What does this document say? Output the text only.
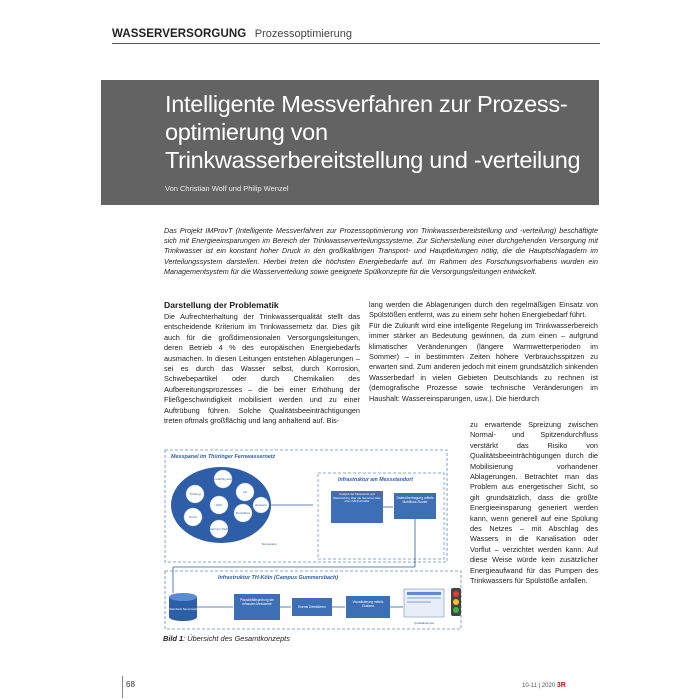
WASSERVERSORGUNG Prozessoptimierung
Intelligente Messverfahren zur Prozess-optimierung von Trinkwasserbereitstellung und -verteilung
Von Christian Wolf und Philip Wenzel
Das Projekt IMProvT (Intelligente Messverfahren zur Prozessoptimierung von Trinkwasserbereitstellung und -verteilung) beschäftigte sich mit Energieeinsparungen im Bereich der Trinkwasserverteilungssysteme. Zur Sicherstellung einer durchgehenden Versorgung mit Trinkwasser ist ein konstant hoher Druck in den großkalibrigen Transport- und Hauptleitungen nötig, die die Hauptschlagadern im Verteilungssystem darstellen. Hierbei treten die höchsten Energiebedarfe auf. Im Rahmen des Forschungsvorhabens wurden ein Managementsystem für die Wasserverteilung sowie geeignete Spülkonzepte für die Versorgungsleitungen entwickelt.
Darstellung der Problematik
Die Aufrechterhaltung der Trinkwasserqualität stellt das entscheidende Kriterium im Trinkwassernetz dar. Dies gilt auch für die großdimensionalen Versorgungsleitungen, deren Betrieb 4 % des europäischen Energiebedarfs ausmachen. In diesen Leitungen entstehen Ablagerungen – sei es durch das Wasser selbst, durch Korrosion, Schwebepartikel oder durch Chemikalien des Aufbereitungsprozesses – die bei einer Erhöhung der Fließgeschwindigkeit mobilisiert werden und zu einer Auftrübung führen. Solche Qualitätsbeeinträchtigungen treten oftmals großflächig und lang anhaltend auf. Bis-
lang werden die Ablagerungen durch den regelmäßigen Einsatz von Spülstößen entfernt, was zu einem sehr hohen Energiebedarf führt.
Für die Zukunft wird eine intelligente Regelung im Trinkwasserbereich immer stärker an Bedeutung gewinnen, da zum einen – aufgrund klimatischer Veränderungen (längere Warmwetterperioden im Sommer) – in bestimmten Zeiten höhere Verbrauchsspitzen zu erwarten sind. Zum anderen jedoch mit einem grundsätzlich sinkenden Wasserbedarf in vielen Gebieten Deutschlands zu rechnen ist (demografische Prozesse sowie technische Veränderungen im Haushalt: Wassereinsparungen, usw.). Die hierdurch
zu erwartende Spreizung zwischen Normal- und Spitzendurchfluss verstärkt das Risiko von Qualitätsbeeinträchtigungen durch die Mobilisierung vorhandener Ablagerungen. Betrachtet man das Problem aus energetischer Sicht, so gilt grundsätzlich, dass die größte Energieeinsparung generiert werden kann, wenn generell auf eine Spülung des Netzes – mit Abschlag des Wassers in die Kanalisation oder Vorflut – verzichtet werden kann. Auf diese Weise würde kein zusätzlicher Energieaufwand für das Pumpen des Trinkwassers für Spülstöße anfallen.
Messpanel im Thüringer Fernwassernetz
Leitfähig-keit
Trübung	pH
Druck
DOC
Durchfluss
Zeitwerte
Anzahl der Partikel
Temperatur
Infrastruktur am Messstandort
Analyse der Messwerte und Weiterleitung über die Sensoren über einen Minicontroller
Datenübertragung mittels Mobilfunk-Router
Infrastruktur TH-Köln (Campus Gummersbach)
Datenbank Serverwelte
Plausibilitätsprüfung der erfassten Messwerte
Events Detektieren
Visualisierung mittels Grafana
Qualitätsampel
Bild 1: Übersicht des Gesamtkonzepts
68	10-11 | 2020 3R
